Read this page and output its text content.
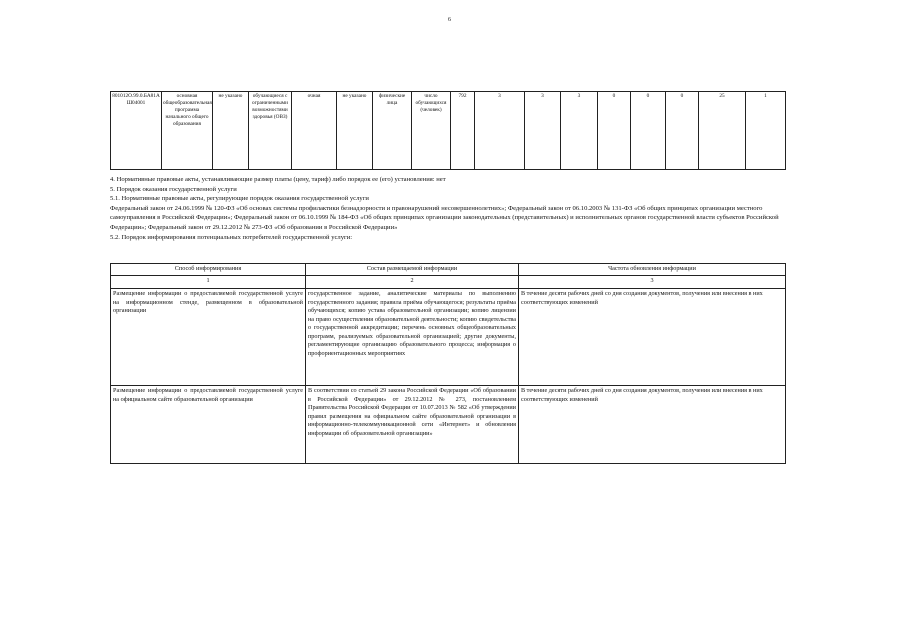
6
801012О.99.0.БА81АШ04001	основная общеобразовательная программа начального общего образования	не указано	обучающиеся с ограниченными возможностями здоровья (ОВЗ)	очная	не указано	физические лица	число обучающихся (человек)	792	3	3	3	0	0	0	25	1

4. Нормативные правовые акты, устанавливающие размер платы (цену, тариф) либо порядок ее (его) установления: нет

5. Порядок оказания государственной услуги

5.1. Нормативные правовые акты, регулирующие порядок оказания государственной услуги

Федеральный закон от 24.06.1999 № 120-ФЗ «Об основах системы профилактики безнадзорности и правонарушений несовершеннолетних»; Федеральный закон от 06.10.2003 № 131-ФЗ «Об общих принципах организации местного самоуправления в Российской Федерации»; Федеральный закон от 06.10.1999 № 184-ФЗ «Об общих принципах организации законодательных (представительных) и исполнительных органов государственной власти субъектов Российской Федерации»; Федеральный закон от 29.12.2012 № 273-ФЗ «Об образовании в Российской Федерации»

5.2. Порядок информирования потенциальных потребителей государственной услуги:

Способ информирования	Состав размещаемой информации	Частота обновления информации
1	2	3
Размещение информации о предоставляемой государственной услуге на информационном стенде, размещенном в образовательной организации	государственное задание, аналитические материалы по выполнению государственного задания; правила приёма обучающегося; результаты приёма обучающихся; копию устава образовательной организации; копию лицензии на право осуществления образовательной деятельности; копию свидетельства о государственной аккредитации; перечень основных общеобразовательных программ, реализуемых образовательной организацией; другие документы, регламентирующие организацию образовательного процесса; информация о профориентационных мероприятиях	В течение десяти рабочих дней со дня создания документов, получения или внесения в них соответствующих изменений
Размещение информации о предоставляемой государственной услуге на официальном сайте образовательной организации	В соответствии со статьей 29 закона Российской Федерации «Об образовании в Российской Федерации» от 29.12.2012 № 273, постановлением Правительства Российской Федерации от 10.07.2013 № 582 «Об утверждении правил размещения на официальном сайте образовательной организации в информационно-телекоммуникационной сети «Интернет» и обновления информации об образовательной организации»	В течение десяти рабочих дней со дня создания документов, получения или внесения в них соответствующих изменений
